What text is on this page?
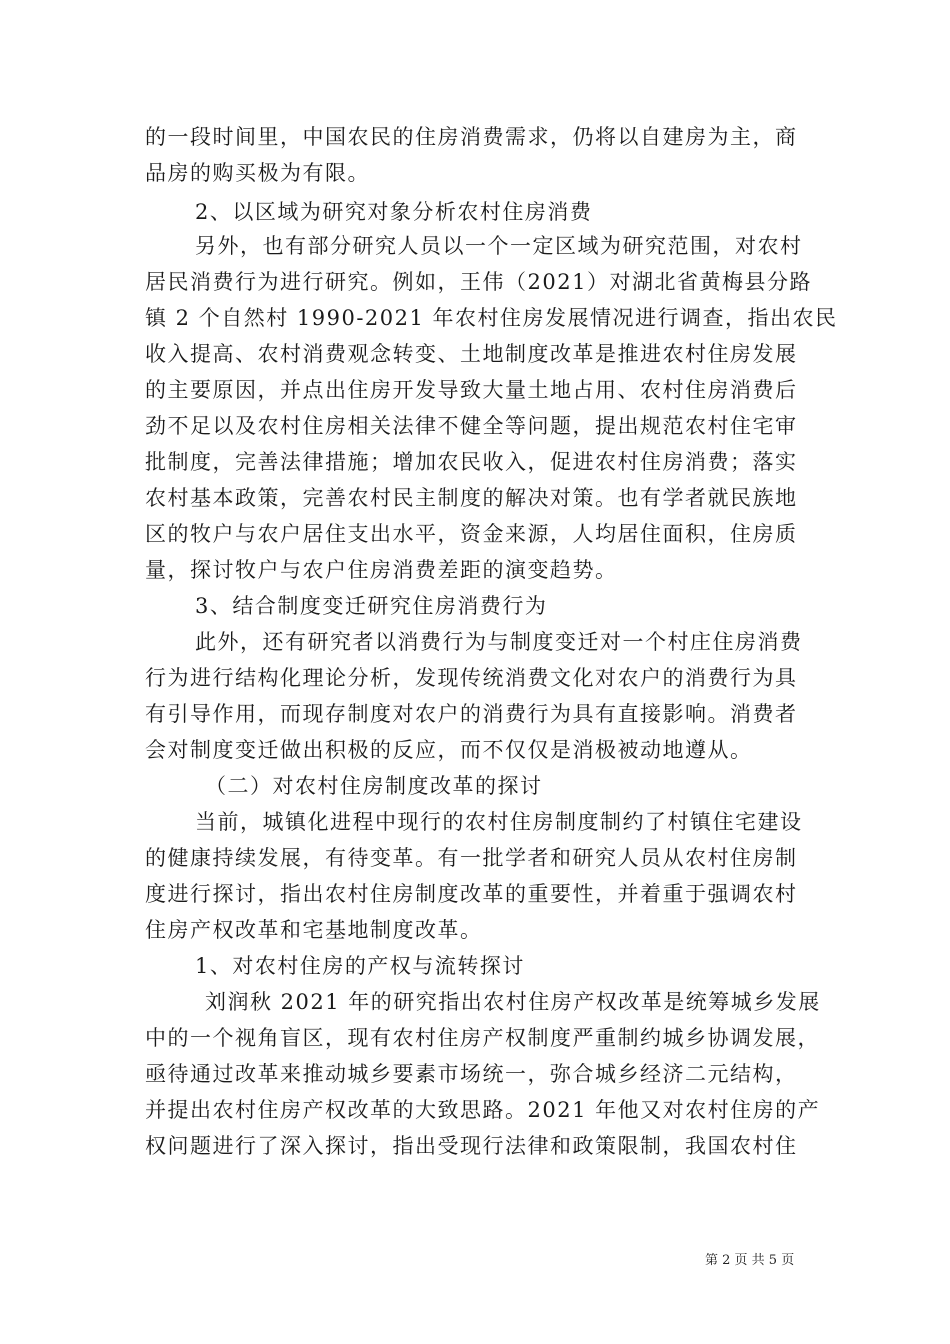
的一段时间里，中国农民的住房消费需求，仍将以自建房为主，商
品房的购买极为有限。
2、以区域为研究对象分析农村住房消费
另外，也有部分研究人员以一个一定区域为研究范围，对农村
居民消费行为进行研究。例如，王伟（2021）对湖北省黄梅县分路
镇 2 个自然村 1990-2021 年农村住房发展情况进行调查，指出农民
收入提高、农村消费观念转变、土地制度改革是推进农村住房发展
的主要原因，并点出住房开发导致大量土地占用、农村住房消费后
劲不足以及农村住房相关法律不健全等问题，提出规范农村住宅审
批制度，完善法律措施；增加农民收入，促进农村住房消费；落实
农村基本政策，完善农村民主制度的解决对策。也有学者就民族地
区的牧户与农户居住支出水平，资金来源，人均居住面积，住房质
量，探讨牧户与农户住房消费差距的演变趋势。
3、结合制度变迁研究住房消费行为
此外，还有研究者以消费行为与制度变迁对一个村庄住房消费
行为进行结构化理论分析，发现传统消费文化对农户的消费行为具
有引导作用，而现存制度对农户的消费行为具有直接影响。消费者
会对制度变迁做出积极的反应，而不仅仅是消极被动地遵从。
（二）对农村住房制度改革的探讨
当前，城镇化进程中现行的农村住房制度制约了村镇住宅建设
的健康持续发展，有待变革。有一批学者和研究人员从农村住房制
度进行探讨，指出农村住房制度改革的重要性，并着重于强调农村
住房产权改革和宅基地制度改革。
1、对农村住房的产权与流转探讨
刘润秋 2021 年的研究指出农村住房产权改革是统筹城乡发展
中的一个视角盲区，现有农村住房产权制度严重制约城乡协调发展，
亟待通过改革来推动城乡要素市场统一，弥合城乡经济二元结构，
并提出农村住房产权改革的大致思路。2021 年他又对农村住房的产
权问题进行了深入探讨，指出受现行法律和政策限制，我国农村住
第 2 页 共 5 页
